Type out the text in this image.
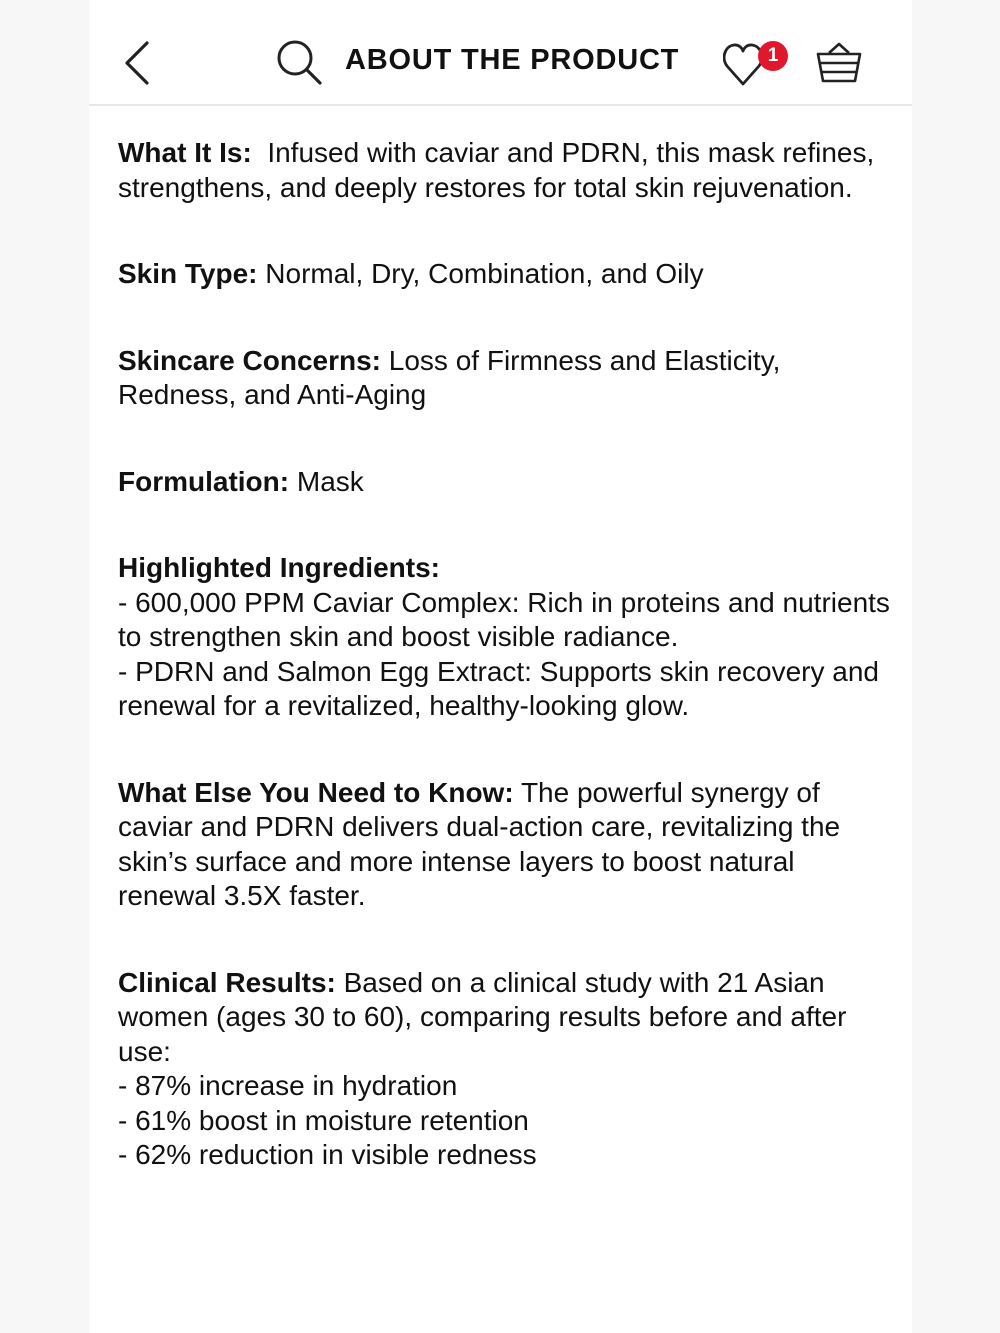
ABOUT THE PRODUCT	1

What It Is: Infused with caviar and PDRN, this mask refines, strengthens, and deeply restores for total skin rejuvenation.

Skin Type: Normal, Dry, Combination, and Oily

Skincare Concerns: Loss of Firmness and Elasticity, Redness, and Anti-Aging

Formulation: Mask

Highlighted Ingredients:

- 600,000 PPM Caviar Complex: Rich in proteins and nutrients to strengthen skin and boost visible radiance.
- PDRN and Salmon Egg Extract: Supports skin recovery and renewal for a revitalized, healthy-looking glow.

What Else You Need to Know: The powerful synergy of caviar and PDRN delivers dual-action care, revitalizing the skin’s surface and more intense layers to boost natural renewal 3.5X faster.

Clinical Results: Based on a clinical study with 21 Asian women (ages 30 to 60), comparing results before and after use:

- 87% increase in hydration
- 61% boost in moisture retention
- 62% reduction in visible redness
